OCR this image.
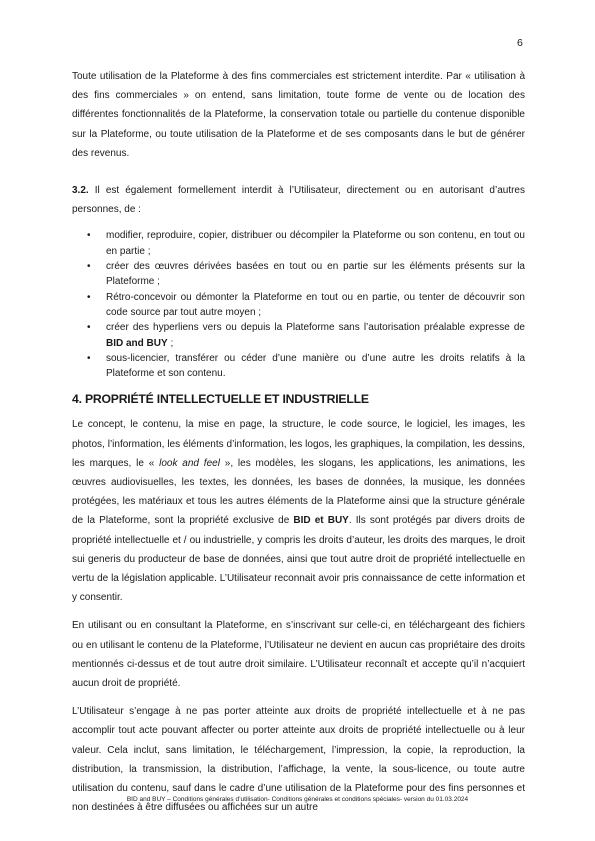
6

Toute utilisation de la Plateforme à des fins commerciales est strictement interdite. Par « utilisation à des fins commerciales » on entend, sans limitation, toute forme de vente ou de location des différentes fonctionnalités de la Plateforme, la conservation totale ou partielle du contenue disponible sur la Plateforme, ou toute utilisation de la Plateforme et de ses composants dans le but de générer des revenus.

3.2. Il est également formellement interdit à l’Utilisateur, directement ou en autorisant d’autres personnes, de :

• modifier, reproduire, copier, distribuer ou décompiler la Plateforme ou son contenu, en tout ou en partie ;
• créer des œuvres dérivées basées en tout ou en partie sur les éléments présents sur la Plateforme ;
• Rétro-concevoir ou démonter la Plateforme en tout ou en partie, ou tenter de découvrir son code source par tout autre moyen ;
• créer des hyperliens vers ou depuis la Plateforme sans l’autorisation préalable expresse de BID and BUY ;
• sous-licencier, transférer ou céder d’une manière ou d’une autre les droits relatifs à la Plateforme et son contenu.
4. PROPRIÉTÉ INTELLECTUELLE ET INDUSTRIELLE

Le concept, le contenu, la mise en page, la structure, le code source, le logiciel, les images, les photos, l’information, les éléments d’information, les logos, les graphiques, la compilation, les dessins, les marques, le « look and feel », les modèles, les slogans, les applications, les animations, les œuvres audiovisuelles, les textes, les données, les bases de données, la musique, les données protégées, les matériaux et tous les autres éléments de la Plateforme ainsi que la structure générale de la Plateforme, sont la propriété exclusive de BID et BUY. Ils sont protégés par divers droits de propriété intellectuelle et / ou industrielle, y compris les droits d’auteur, les droits des marques, le droit sui generis du producteur de base de données, ainsi que tout autre droit de propriété intellectuelle en vertu de la législation applicable. L’Utilisateur reconnait avoir pris connaissance de cette information et y consentir.

En utilisant ou en consultant la Plateforme, en s’inscrivant sur celle-ci, en téléchargeant des fichiers ou en utilisant le contenu de la Plateforme, l’Utilisateur ne devient en aucun cas propriétaire des droits mentionnés ci-dessus et de tout autre droit similaire. L’Utilisateur reconnaît et accepte qu’il n’acquiert aucun droit de propriété.

L’Utilisateur s’engage à ne pas porter atteinte aux droits de propriété intellectuelle et à ne pas accomplir tout acte pouvant affecter ou porter atteinte aux droits de propriété intellectuelle ou à leur valeur. Cela inclut, sans limitation, le téléchargement, l’impression, la copie, la reproduction, la distribution, la transmission, la distribution, l’affichage, la vente, la sous-licence, ou toute autre utilisation du contenu, sauf dans le cadre d’une utilisation de la Plateforme pour des fins personnes et non destinées à être diffusées ou affichées sur un autre

BID and BUY – Conditions générales d’utilisation- Conditions générales et conditions spéciales- version du 01.03.2024
